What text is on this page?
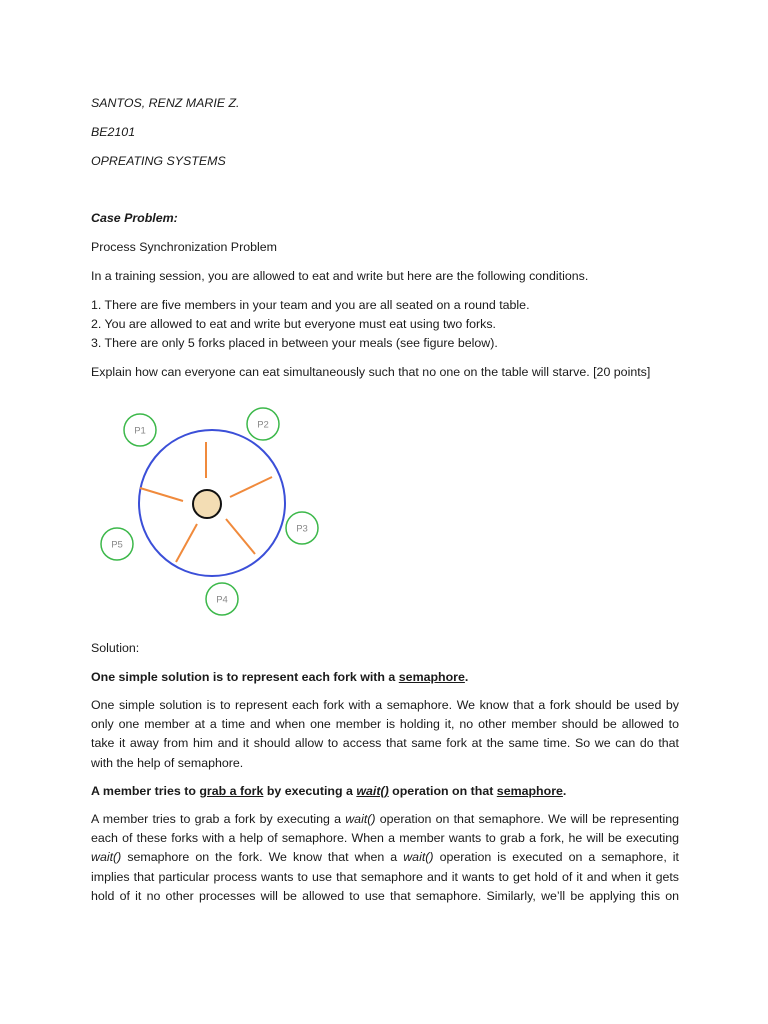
SANTOS, RENZ MARIE Z.
BE2101
OPREATING SYSTEMS
Case Problem:
Process Synchronization Problem
In a training session, you are allowed to eat and write but here are the following conditions.
1. There are five members in your team and you are all seated on a round table.
2. You are allowed to eat and write but everyone must eat using two forks.
3. There are only 5 forks placed in between your meals (see figure below).
Explain how can everyone can eat simultaneously such that no one on the table will starve. [20 points]
P1
P2
P3
P4
P5
Solution:
One simple solution is to represent each fork with a semaphore.
One simple solution is to represent each fork with a semaphore. We know that a fork should be used by
only one member at a time and when one member is holding it, no other member should be allowed to
take it away from him and it should allow to access that same fork at the same time. So we can do that
with the help of semaphore.
A member tries to grab a fork by executing a wait() operation on that semaphore.
A member tries to grab a fork by executing a wait() operation on that semaphore. We will be representing
each of these forks with a help of semaphore. When a member wants to grab a fork, he will be executing
wait() semaphore on the fork. We know that when a wait() operation is executed on a semaphore, it
implies that particular process wants to use that semaphore and it wants to get hold of it and when it gets
hold of it no other processes will be allowed to use that semaphore. Similarly, we’ll be applying this on
